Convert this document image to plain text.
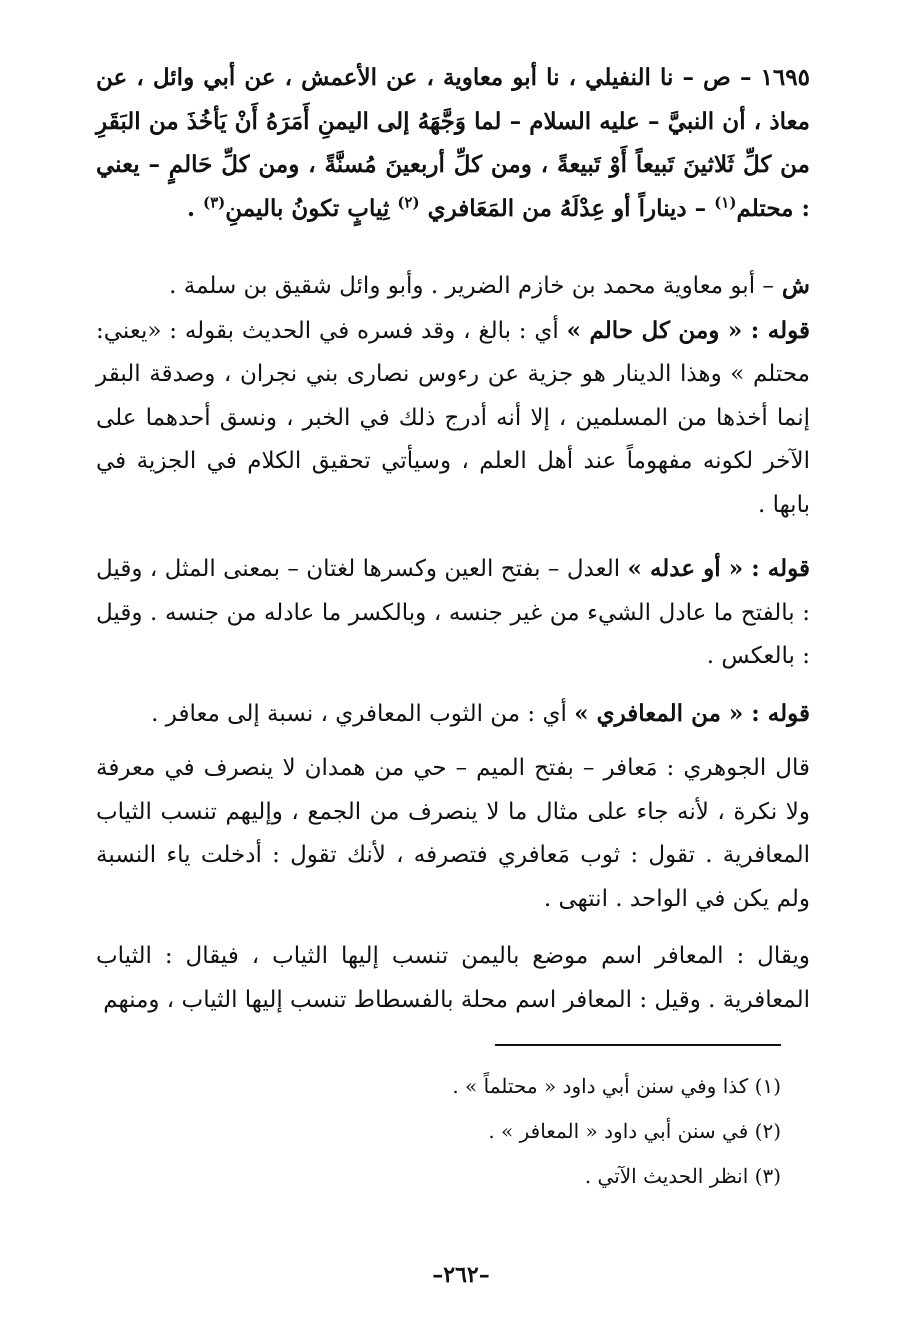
١٦٩٥ – ص – نا النفيلي ، نا أبو معاوية ، عن الأعمش ، عن أبي وائل ، عن معاذ ، أن النبيَّ – عليه السلام – لما وَجَّهَهُ إلى اليمنِ أَمَرَهُ أَنْ يَأخُذَ من البَقَرِ من كلِّ ثَلاثينَ تَبيعاً أَوْ تَبيعةً ، ومن كلِّ أربعينَ مُسنَّةً ، ومن كلِّ حَالمٍ – يعني : محتلم$^{(١)}$ – ديناراً أو عِدْلَهُ من المَعَافري $^{(٢)}$ ثِيابٍ تكونُ باليمنِ$^{(٣)}$ .

ش – أبو معاوية محمد بن خازم الضرير . وأبو وائل شقيق بن سلمة .

قوله : « ومن كل حالم » أي : بالغ ، وقد فسره في الحديث بقوله : «يعني: محتلم » وهذا الدينار هو جزية عن رءوس نصارى بني نجران ، وصدقة البقر إنما أخذها من المسلمين ، إلا أنه أدرج ذلك في الخبر ، ونسق أحدهما على الآخر لكونه مفهوماً عند أهل العلم ، وسيأتي تحقيق الكلام في الجزية في بابها .

قوله : « أو عدله » العدل – بفتح العين وكسرها لغتان – بمعنى المثل ، وقيل : بالفتح ما عادل الشيء من غير جنسه ، وبالكسر ما عادله من جنسه . وقيل : بالعكس .

قوله : « من المعافري » أي : من الثوب المعافري ، نسبة إلى معافر .

قال الجوهري : مَعافر – بفتح الميم – حي من همدان لا ينصرف في معرفة ولا نكرة ، لأنه جاء على مثال ما لا ينصرف من الجمع ، وإليهم تنسب الثياب المعافرية . تقول : ثوب مَعافري فتصرفه ، لأنك تقول : أدخلت ياء النسبة ولم يكن في الواحد . انتهى .

ويقال : المعافر اسم موضع باليمن تنسب إليها الثياب ، فيقال : الثياب المعافرية . وقيل : المعافر اسم محلة بالفسطاط تنسب إليها الثياب ، ومنهم

(١) كذا وفي سنن أبي داود « محتلماً » .

(٢) في سنن أبي داود « المعافر » .

(٣) انظر الحديث الآتي .

–٢٦٢–
